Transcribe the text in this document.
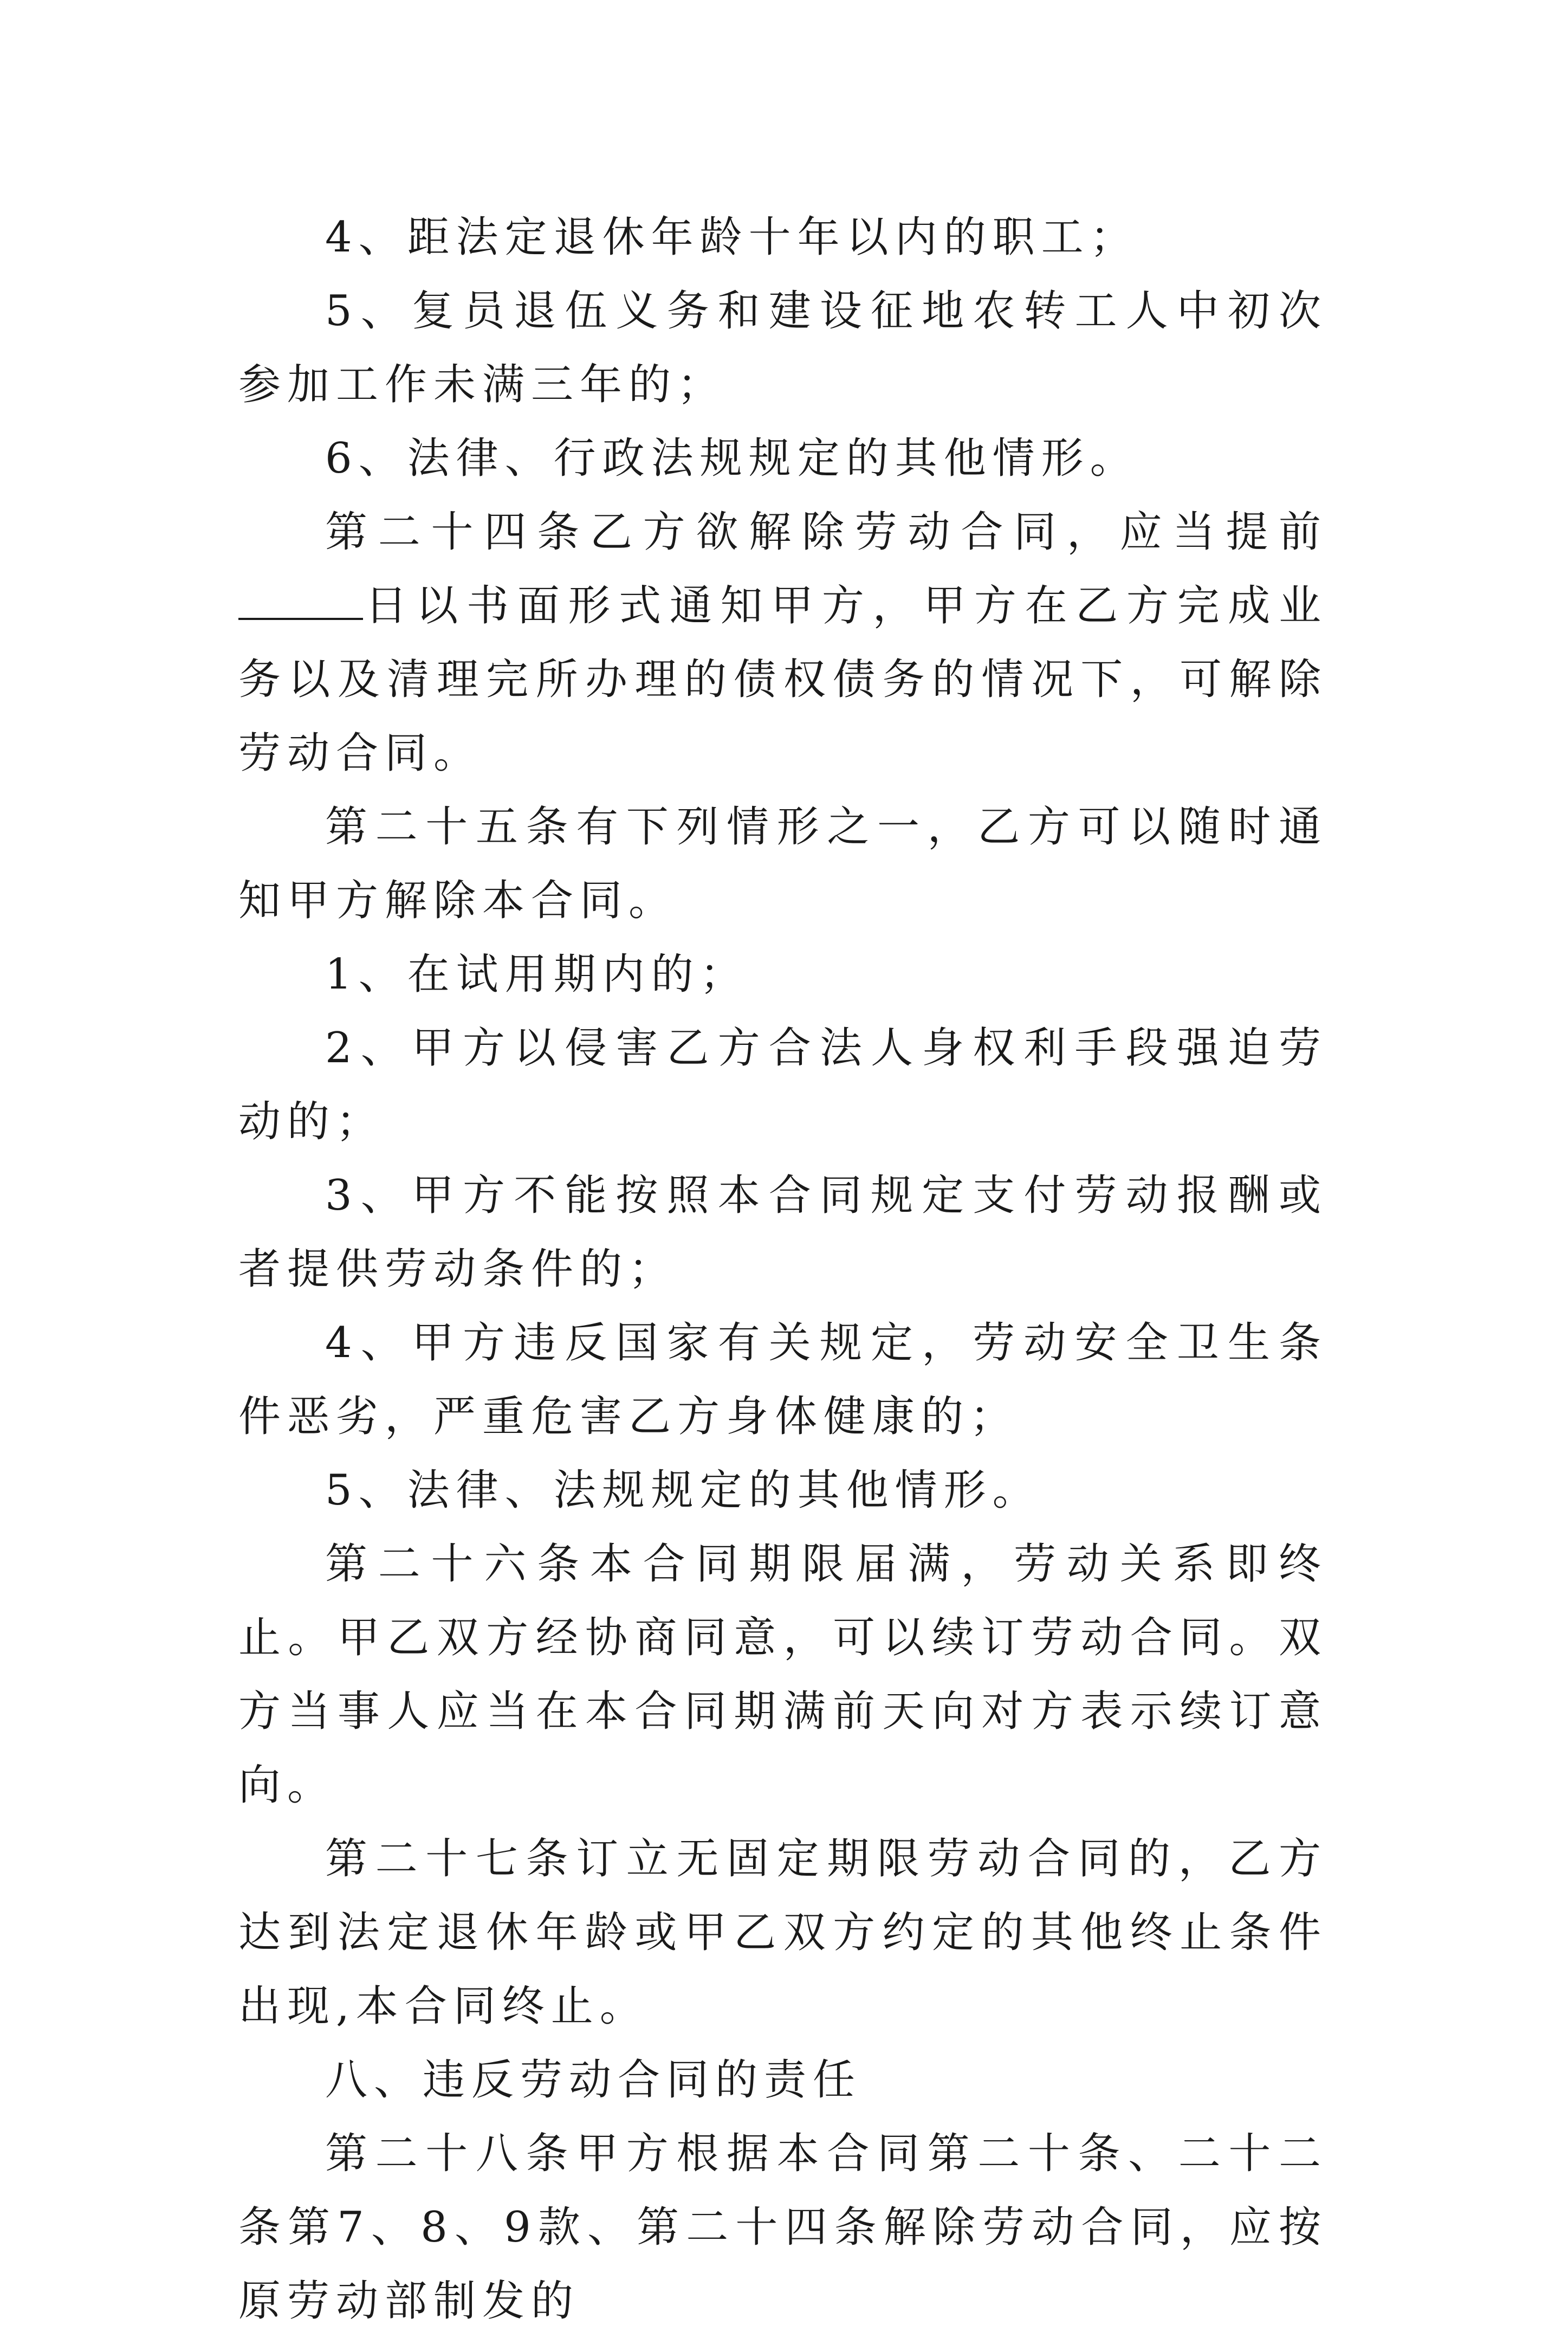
4、距法定退休年龄十年以内的职工；

5、复员退伍义务和建设征地农转工人中初次参加工作未满三年的；

6、法律、行政法规规定的其他情形。

第二十四条乙方欲解除劳动合同，应当提前日以书面形式通知甲方，甲方在乙方完成业务以及清理完所办理的债权债务的情况下，可解除劳动合同。

第二十五条有下列情形之一，乙方可以随时通知甲方解除本合同。

1、在试用期内的；

2、甲方以侵害乙方合法人身权利手段强迫劳动的；

3、甲方不能按照本合同规定支付劳动报酬或者提供劳动条件的；

4、甲方违反国家有关规定，劳动安全卫生条件恶劣，严重危害乙方身体健康的；

5、法律、法规规定的其他情形。

第二十六条本合同期限届满，劳动关系即终止。甲乙双方经协商同意，可以续订劳动合同。双方当事人应当在本合同期满前天向对方表示续订意向。

第二十七条订立无固定期限劳动合同的，乙方达到法定退休年龄或甲乙双方约定的其他终止条件出现,本合同终止。

八、违反劳动合同的责任

第二十八条甲方根据本合同第二十条、二十二条第7、8、9款、第二十四条解除劳动合同，应按原劳动部制发的
